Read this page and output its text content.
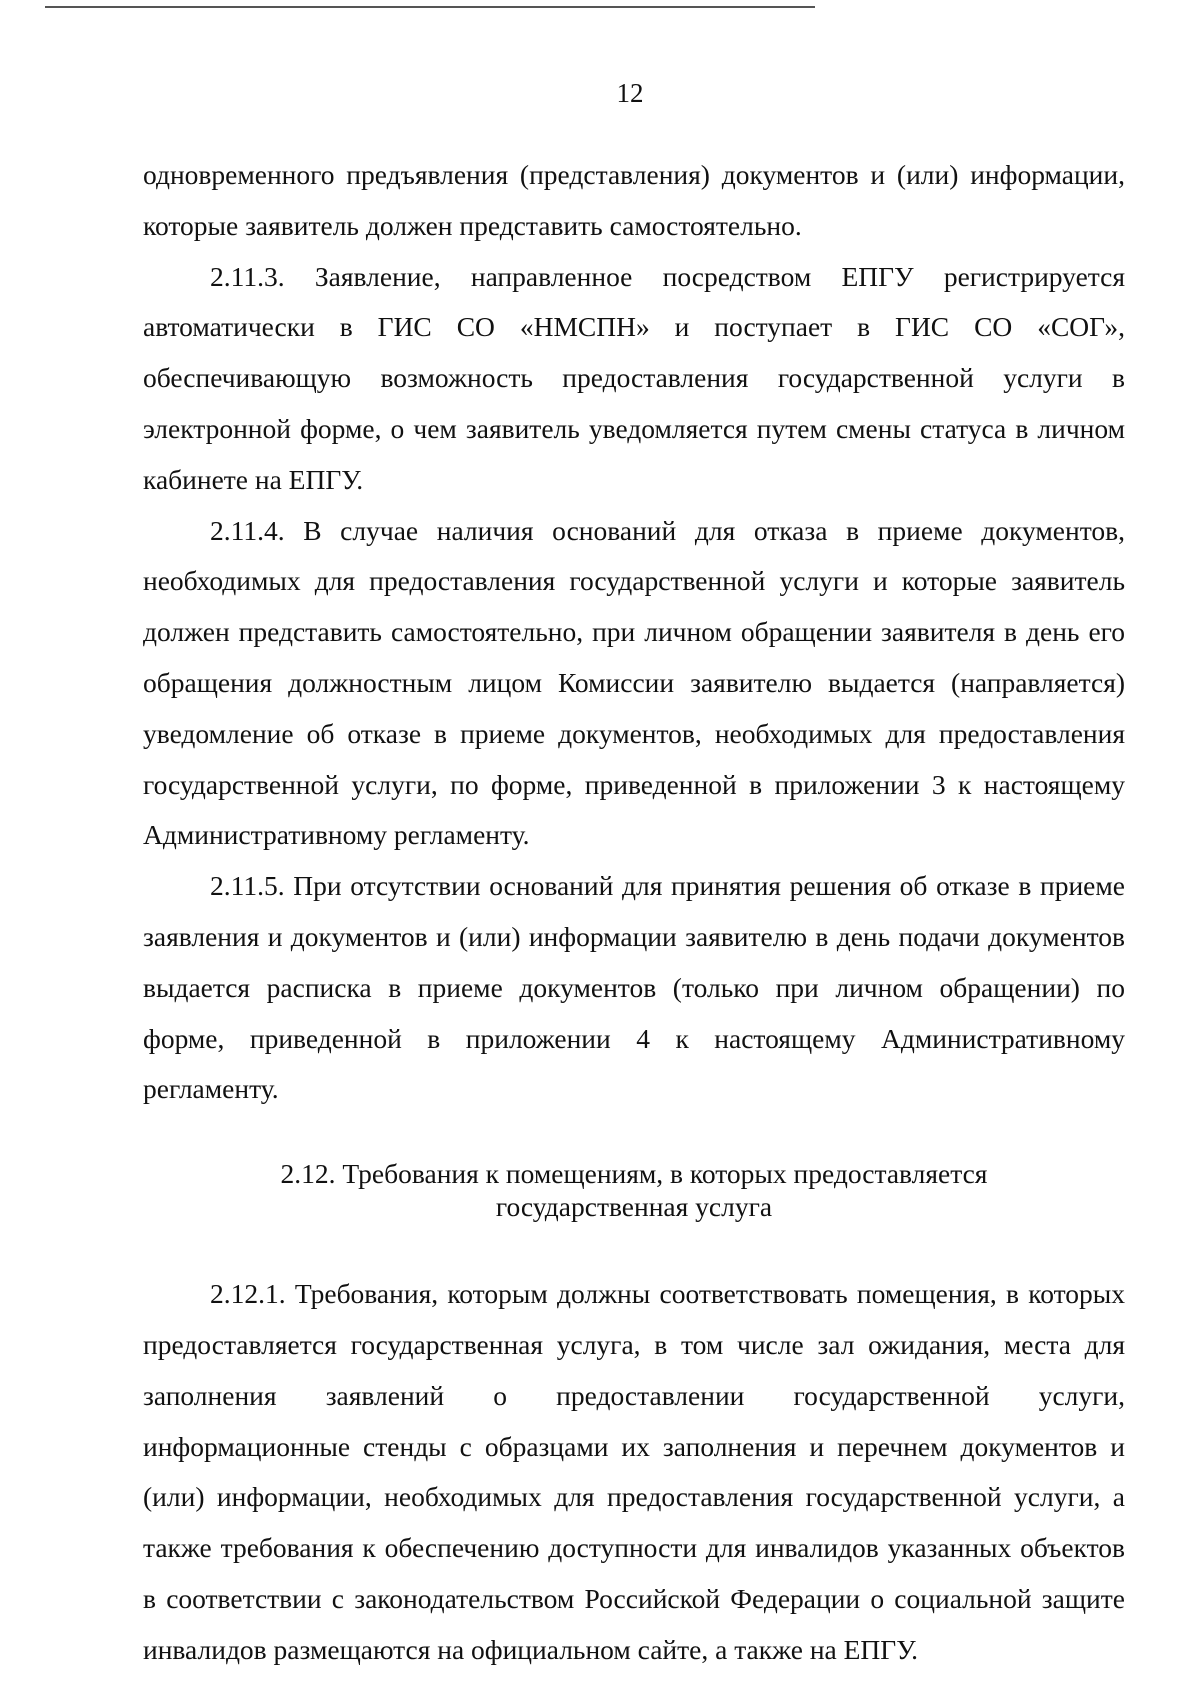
12

одновременного предъявления (представления) документов и (или) информации, которые заявитель должен представить самостоятельно.

2.11.3. Заявление, направленное посредством ЕПГУ регистрируется автоматически в ГИС СО «НМСПН» и поступает в ГИС СО «СОГ», обеспечивающую возможность предоставления государственной услуги в электронной форме, о чем заявитель уведомляется путем смены статуса в личном кабинете на ЕПГУ.

2.11.4. В случае наличия оснований для отказа в приеме документов, необходимых для предоставления государственной услуги и которые заявитель должен представить самостоятельно, при личном обращении заявителя в день его обращения должностным лицом Комиссии заявителю выдается (направляется) уведомление об отказе в приеме документов, необходимых для предоставления государственной услуги, по форме, приведенной в приложении 3 к настоящему Административному регламенту.

2.11.5. При отсутствии оснований для принятия решения об отказе в приеме заявления и документов и (или) информации заявителю в день подачи документов выдается расписка в приеме документов (только при личном обращении) по форме, приведенной в приложении 4 к настоящему Административному регламенту.

2.12. Требования к помещениям, в которых предоставляется
государственная услуга

2.12.1. Требования, которым должны соответствовать помещения, в которых предоставляется государственная услуга, в том числе зал ожидания, места для заполнения заявлений о предоставлении государственной услуги, информационные стенды с образцами их заполнения и перечнем документов и (или) информации, необходимых для предоставления государственной услуги, а также требования к обеспечению доступности для инвалидов указанных объектов в соответствии с законодательством Российской Федерации о социальной защите инвалидов размещаются на официальном сайте, а также на ЕПГУ.
